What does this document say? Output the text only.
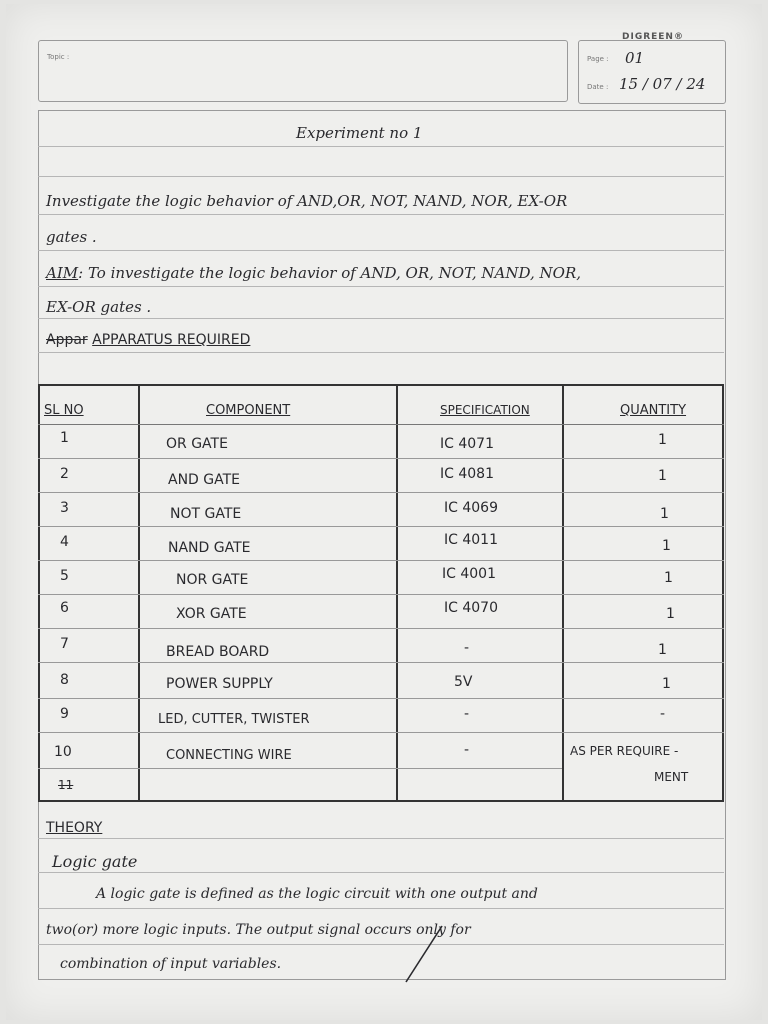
DIGREEN®
Topic :	Page : 01
Date : 15 / 07 / 24
Experiment no 1
Investigate the logic behavior of AND,OR, NOT, NAND, NOR, EX-OR
gates .
AIM: To investigate the logic behavior of AND, OR, NOT, NAND, NOR,
EX-OR gates .
Appar APPARATUS REQUIRED
SL NO	COMPONENT	SPECIFICATION	QUANTITY
1	OR GATE	IC 4071	1
2	AND GATE	IC 4081	1
3	NOT GATE	IC 4069	1
4	NAND GATE	IC 4011	1
5	NOR GATE	IC 4001	1
6	XOR GATE	IC 4070	1
7	BREAD BOARD	-	1
8	POWER SUPPLY	5V	1
9	LED, CUTTER, TWISTER	-	-
10	CONNECTING WIRE	-	AS PER REQUIRE -
MENT
11
THEORY
Logic gate
A logic gate is defined as the logic circuit with one output and
two(or) more logic inputs. The output signal occurs only for
combination of input variables.
